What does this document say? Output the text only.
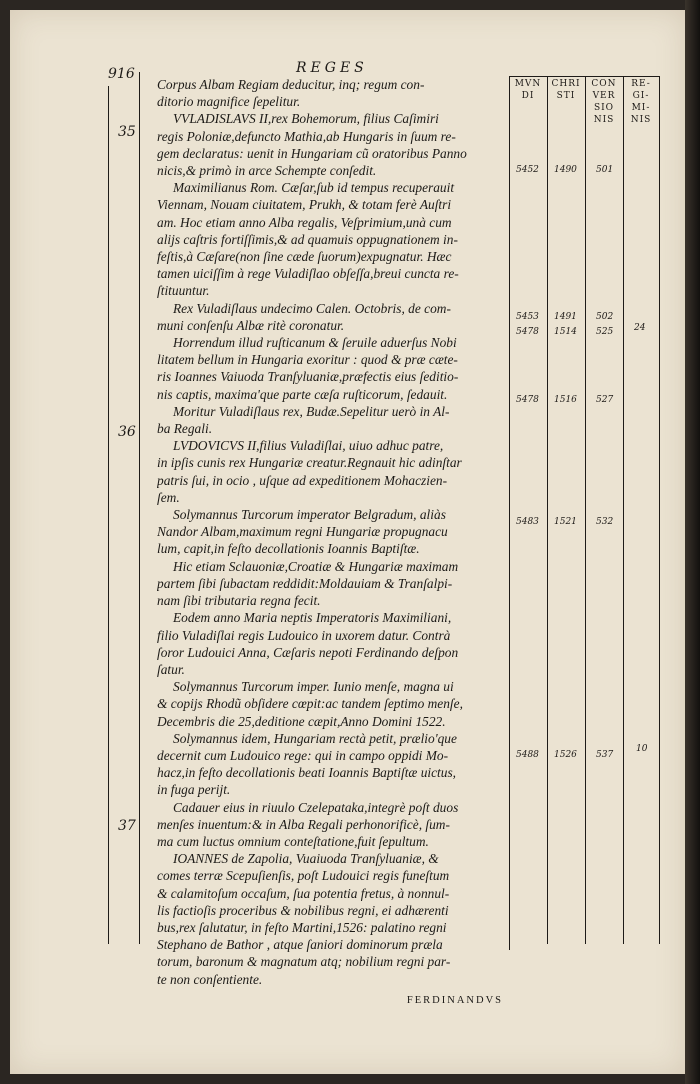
REGES
916
35
36
37
MVN
DI
CHRI
STI
CON
VER
SIO
NIS
RE-
GI-
MI-
NIS
Corpus Albam Regiam deducitur, inq; regum con-
ditorio magnifice ſepelitur.
VVLADISLAVS II,rex Bohemorum, filius Caſimiri
regis Poloniæ,defuncto Mathia,ab Hungaris in ſuum re-
gem declaratus: uenit in Hungariam cũ oratoribus Panno
nicis,& primò in arce Schempte conſedit.
Maximilianus Rom. Cæſar,ſub id tempus recuperauit
Viennam, Nouam ciuitatem, Prukh, & totam ferè Auſtri
am. Hoc etiam anno Alba regalis, Veſprimium,unà cum
alijs caſtris fortiſſimis,& ad quamuis oppugnationem in-
feſtis,à Cæſare(non ſine cæde ſuorum)expugnatur. Hæc
tamen uiciſſim à rege Vuladiſlao obſeſſa,breui cuncta re-
ſtituuntur.
Rex Vuladiſlaus undecimo Calen. Octobris, de com-
muni conſenſu Albæ ritè coronatur.
Horrendum illud ruſticanum & ſeruile aduerſus Nobi
litatem bellum in Hungaria exoritur : quod & præ cæte-
ris Ioannes Vaiuoda Tranſyluaniæ,præfectis eius ſeditio-
nis captis, maxima'que parte cæſa ruſticorum, ſedauit.
Moritur Vuladiſlaus rex, Budæ.Sepelitur uerò in Al-
ba Regali.
LVDOVICVS II,filius Vuladiſlai, uiuo adhuc patre,
in ipſis cunis rex Hungariæ creatur.Regnauit hic adinſtar
patris ſui, in ocio , uſque ad expeditionem Mohaczien-
ſem.
Solymannus Turcorum imperator Belgradum, aliàs
Nandor Albam,maximum regni Hungariæ propugnacu
lum, capit,in feſto decollationis Ioannis Baptiſtæ.
Hic etiam Sclauoniæ,Croatiæ & Hungariæ maximam
partem ſibi ſubactam reddidit:Moldauiam & Tranſalpi-
nam ſibi tributaria regna fecit.
Eodem anno Maria neptis Imperatoris Maximiliani,
filio Vuladiſlai regis Ludouico in uxorem datur. Contrà
ſoror Ludouici Anna, Cæſaris nepoti Ferdinando deſpon
ſatur.
Solymannus Turcorum imper. Iunio menſe, magna ui
& copijs Rhodũ obſidere cœpit:ac tandem ſeptimo menſe,
Decembris die 25,deditione cæpit,Anno Domini 1522.
Solymannus idem, Hungariam rectà petit, prælio'que
decernit cum Ludouico rege: qui in campo oppidi Mo-
hacz,in feſto decollationis beati Ioannis Baptiſtæ uictus,
in fuga perijt.
Cadauer eius in riuulo Czelepataka,integrè poſt duos
menſes inuentum:& in Alba Regali perhonorificè, ſum-
ma cum luctus omnium conteſtatione,fuit ſepultum.
IOANNES de Zapolia, Vuaiuoda Tranſyluaniæ, &
comes terræ Scepuſienſis, poſt Ludouici regis funeſtum
& calamitoſum occaſum, ſua potentia fretus, à nonnul-
lis factioſis proceribus & nobilibus regni, ei adhærenti
bus,rex ſalutatur, in feſto Martini,1526: palatino regni
Stephano de Bathor , atque ſaniori dominorum præla
torum, baronum & magnatum atq; nobilium regni par-
te non conſentiente.
FERDINANDVS
5452 1490 501
5453 1491 502
5478 1514 525 24
5478 1516 527
5483 1521 532
5488 1526 537
10
